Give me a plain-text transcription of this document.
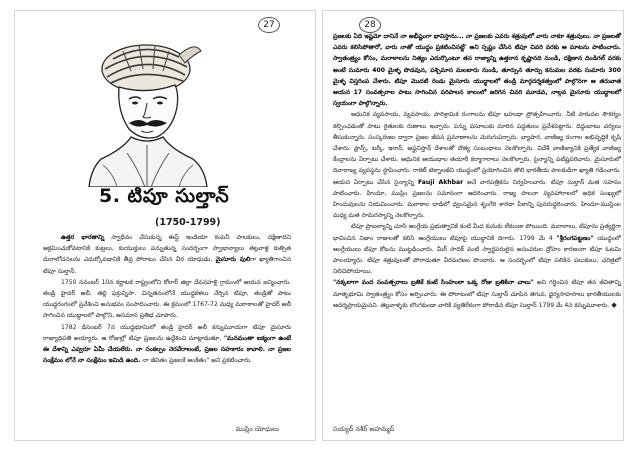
27
5. టిపూ సుల్తాన్
(1750-1799)

ఉత్తర భారతాన్ని స్వాధీనం చేసుకున్న ఈస్ట్ ఇండియా కంపెనీ పాలకులు, దక్షిణాదిని ఆక్రమించుకోవటానికి కుట్రలు, కుయుక్తులు పన్నుతున్న సందర్భంగా స్వాభావ్యాలు తెల్లవాళ్ల కుత్సిత దురాలోచనలను ఎదుర్కోవడానికి తీవ్ర పోరాటం చేసిన వీర యోధుడు, మైసూరు పులిగా ఖ్యాతిగాంచిన టిపూ సుల్తాన్.

1750 నవంబర్ 10న కర్ణాటక రాష్ట్రంలోని కోలార్ జిల్లా దేవనహళ్లి గ్రామంలో ఆయన జన్మించారు. తండ్రి హైదర్ అలీ, తల్లి ఫక్రున్నిసా. చిన్నతనంలోనే యుద్ధకళలు నేర్చిన టిపూ, తండ్రితో పాటు యుద్ధరంగంలో ప్రవేశించి అనుభవం సంపాదించారు. ఈ క్రమంలో 1767-72 మధ్య మరాఠాలతో హైదర్ అలీ సాగించిన యుద్ధాలలో పాల్గొని, అసమాన ప్రతిభ చూపారు.

1782 డిసెంబర్ 7న యుద్ధభూమిలో తండ్రి హైదర్ అలీ కన్నుమూయగా టిపూ మైసూరు రాజ్యాధిపతి అయ్యారు. ఆ రోజుల్లో టిపూ ప్రజలను ఉద్దేశించి మాట్లాడుతూ, "మనమంతా ఐక్యంగా ఉంటే ఈ దేశాన్ని ఎవ్వరూ ఏమీ చేయలేరు. నా సంకల్పం నెరవేరాలంటే, ప్రజల సహకారం కావాలి. నా ప్రజల సంక్షేమం లోనే నా సంక్షేమం ఇమిడి ఉంది. నా జీవితం ప్రజలకే అంకితం" అని ప్రకటించారు.

ముస్లిం యోధులు
28

ప్రజలకు ఏది ఇష్టమో దానినే నా అభీష్టంగా భావిస్తాను... నా ప్రజలకు ఎవరు శత్రువులో వారు నాకూ శత్రువులు. నా ప్రజలతో ఎవరు కలిసిపోతారో, వారు నాతో యుద్ధం ప్రకటించినట్టే' అని స్పష్టం చేసిన టిపూ చివరి వరకు ఆ మాటను పాటించారు. స్వాతంత్ర్యం కోసం, మరాఠాలను నిత్యం ఎదుర్కొంటూ తన రాజ్యాన్ని ఉత్తరాన కృష్ణానది నుండి, దక్షిణాన దిండిగల్ వరకు అంటే సుమారు 400 మైళ్ళ పొడవున, పశ్చిమాన మలబారు నుండి, తూర్పున తూర్పు కనుమల వరకు సుమారు 300 మైళ్ళ విస్తరింప చేశారు. టిపూ మొదటి రెండు మైసూరు యుద్ధాలలో తండ్రి మార్గదర్శకత్వంలో పాల్గొనగా ఆ తరువాత ఆయన 17 సంవత్సరాల పాటు సాగించిన పరిపాలన కాలంలో జరిగిన చివరి మూడవ, నాల్గవ మైసూరు యుద్ధాలలో స్వయంగా పాల్గొన్నారు.

ఆధునిక వ్యవసాయ, వ్యవసాయ, పారిశ్రామిక రంగాలను టిపూ బహుధా ప్రోత్సహించారు. నీటి పారుదల సౌకర్యం కల్పించడంతో పాటు రైతులకు రుణాలు ఇచ్చారు. పన్ను వసూలుకు మారిన పద్ధతులు ప్రవేశపెట్టారు. దిద్దుబాటు చర్యలు తీసుకున్నారు. సంస్కరణల ద్వారా ప్రజల జీవన ప్రమాణాలను మెరుగుపర్చారు. వ్యాపార, వాణిజ్య రంగాల అభివృద్ధికి కృషి చేశారు. ఫ్రాన్స్, టర్కీ, ఇరాన్, అఫ్ఘనిస్తాన్ దేశాలతో దౌత్య సంబంధాలు నెలకొల్పారు. విదేశీ వాణిజ్యానికి ప్రత్యేక వాణిజ్య కేంద్రాలను ఏర్పాటు చేశారు. ఆధునిక ఆయుధాల తయారీ కర్మాగారాలు నెలకొల్పారు. సైన్యాన్ని పటిష్టపరిచారు. మైసూరులో దివారాజ్య వ్యవస్థను స్థాపించారు. రాకెట్ టెక్నాలజీని యుద్ధంలో ప్రయోగించిన తొలి భారతీయ పాలకుడిగా ఖ్యాతి గడించారు. ఆయన ఏర్పాటు చేసిన సైన్యాన్ని Fauji Akhbar అనే వారపత్రికను నిర్వహించారు. టిపూ సుల్తాన్ మత సహనం పాటించారు. హిందూ, ముస్లిం ప్రజలను సమానంగా ఆదరించారు. రాజ్య పాలనా వ్యవహారాలలో అధిక సంఖ్యలో హిందువులను నియమించారు. మరాఠాల దాడిలో ధ్వంసమైన శృంగేరి శారదా పీఠాన్ని పునరుద్ధరించారు. హిందూ-ముస్లింల మధ్య మత సామరస్యాన్ని నెలకొల్పారు.

టిపూ ప్రాబల్యాన్ని చూసి ఆంగ్లేయ ప్రభుత్వానికి కంటి మీద కునుకు లేకుండా పోయింది. మరాఠాలు, టిపూను ప్రత్యర్థిగా భావించిన నిజాం రాజులతో కలిసి ఆంగ్లేయులు టిపూపై యుద్ధానికి దిగారు. 1799 మే 4 "శ్రీరంగపట్టణం" యుద్ధంలో ఆంగ్లేయులు టిపూ కోటను ముట్టడించారు. మీర్ సాదిక్ వంటి స్వార్థపరులైన అనుచరుల ద్రోహం కారణంగా టిపూ ఓటమి పాలయ్యారు. టిపూ శత్రువులతో పోరాడుతూ వీరమరణం పొందారు. ఆ సందర్భంలో టిపూ పలికిన పలుకులు, చరిత్రలో నిలిచిపోయాయి.

"నక్కలాగా వంద సంవత్సరాలు బ్రతికే కంటే సింహంలా ఒక్క రోజు బ్రతికినా చాలు" అని గర్జించిన టిపూ తన జీవితాన్ని మాతృభూమి స్వాతంత్ర్యం కోసం అర్పించారు. ఈ పోరాటంలో టిపూ సుల్తాన్ చూపిన తెగువ, ధైర్యసాహసాలు భారతీయులకు ఆదర్శప్రాయమైనవి. తెల్లవాళ్ళకు లొంగకుండా వారికి వ్యతిరేకంగా పోరాడిన టిపూ సుల్తాన్ 1799 మే 4న కన్నుమూశారు. ◆

సయ్యద్ నశీర్ అహమ్మద్
